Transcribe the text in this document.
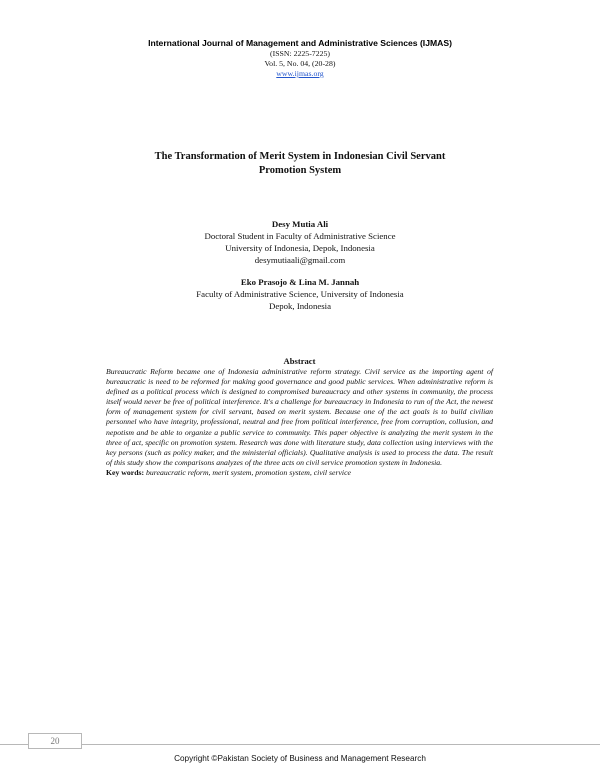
International Journal of Management and Administrative Sciences (IJMAS)
(ISSN: 2225-7225)
Vol. 5, No. 04, (20-28)
www.ijmas.org
The Transformation of Merit System in Indonesian Civil Servant
Promotion System
Desy Mutia Ali
Doctoral Student in Faculty of Administrative Science
University of Indonesia, Depok, Indonesia
desymutiaali@gmail.com
Eko Prasojo & Lina M. Jannah
Faculty of Administrative Science, University of Indonesia
Depok, Indonesia
Abstract
Bureaucratic Reform became one of Indonesia administrative reform strategy. Civil service as the importing agent of bureaucratic is need to be reformed for making good governance and good public services. When administrative reform is defined as a political process which is designed to compromised bureaucracy and other systems in community, the process itself would never be free of political interference. It's a challenge for bureaucracy in Indonesia to run of the Act, the newest form of management system for civil servant, based on merit system. Because one of the act goals is to build civilian personnel who have integrity, professional, neutral and free from political interference, free from corruption, collusion, and nepotism and be able to organize a public service to community. This paper objective is analyzing the merit system in the three of act, specific on promotion system. Research was done with literature study, data collection using interviews with the key persons (such as policy maker, and the ministerial officials). Qualitative analysis is used to process the data. The result of this study show the comparisons analyzes of the three acts on civil service promotion system in Indonesia.
Key words: bureaucratic reform, merit system, promotion system, civil service
20
Copyright ©Pakistan Society of Business and Management Research
